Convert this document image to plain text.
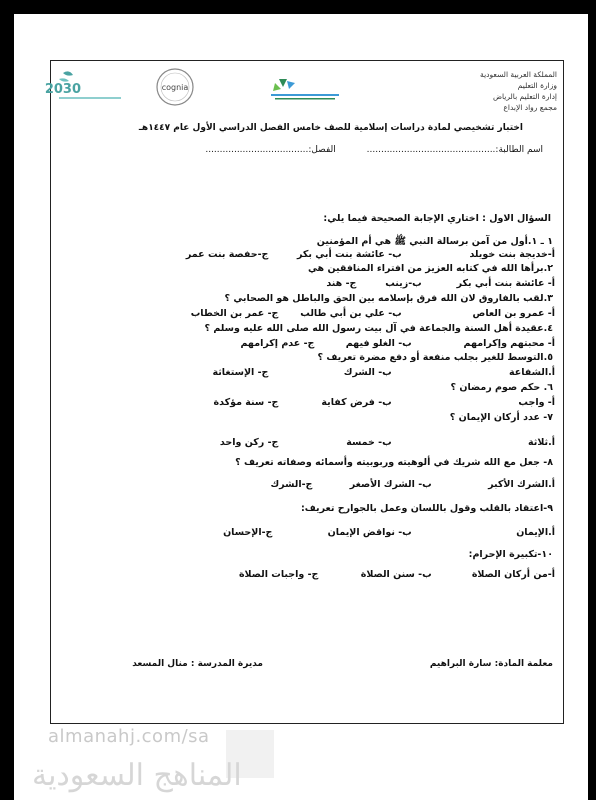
المملكة العربية السعودية
وزارة التعليم
إدارة التعليم بالرياض
مجمع رواد الإبداع
cognia
2030
اختبار تشخيصي لمادة دراسات إسلامية للصف خامس الفصل الدراسي الأول عام ١٤٤٧هـ
اسم الطالبة:............................................. الفصل:....................................
السؤال الاول : اختاري الإجابة الصحيحة فيما يلي:
١ ـ ١.أول من آمن برسالة النبي ﷺ هي أم المؤمنين
أ-خديجة بنت خويلد ب- عائشة بنت أبي بكر ج-حفصة بنت عمر
٢.برأها الله في كتابه العزيز من افتراء المنافقين هي
أ- عائشة بنت أبي بكر ب-زينب ج- هند
٣.لقب بالفاروق لان الله فرق بإسلامه بين الحق والباطل هو الصحابي ؟
أ- عمرو بن العاص ب- علي بن أبي طالب ج- عمر بن الخطاب
٤.عقيدة أهل السنة والجماعة في آل بيت رسول الله صلى الله عليه وسلم ؟
أ- محبتهم وإكرامهم ب- الغلو فيهم ج- عدم إكرامهم
٥.التوسط للغير بجلب منفعة أو دفع مضرة تعريف ؟
أ.الشفاعة ب- الشرك ج- الإستغاثة
٦. حكم صوم رمضان ؟
أ- واجب ب- فرض كفاية ج- سنة مؤكدة
٧- عدد أركان الإيمان ؟
أ.ثلاثة ب- خمسة ج- ركن واحد
٨- جعل مع الله شريك في ألوهيته وربوبيته وأسمائه وصفاته تعريف ؟
أ.الشرك الأكبر ب- الشرك الأصغر ج-الشرك
٩-اعتقاد بالقلب وقول باللسان وعمل بالجوارح تعريف:
أ.الإيمان ب- نواقض الإيمان ج-الإحسان
١٠-تكبيرة الإحرام:
أ-من أركان الصلاة ب- سنن الصلاة ج- واجبات الصلاة
معلمة المادة: سارة البراهيم
مديرة المدرسة : منال المسعد
almanahj.com/sa
المناهج السعودية
